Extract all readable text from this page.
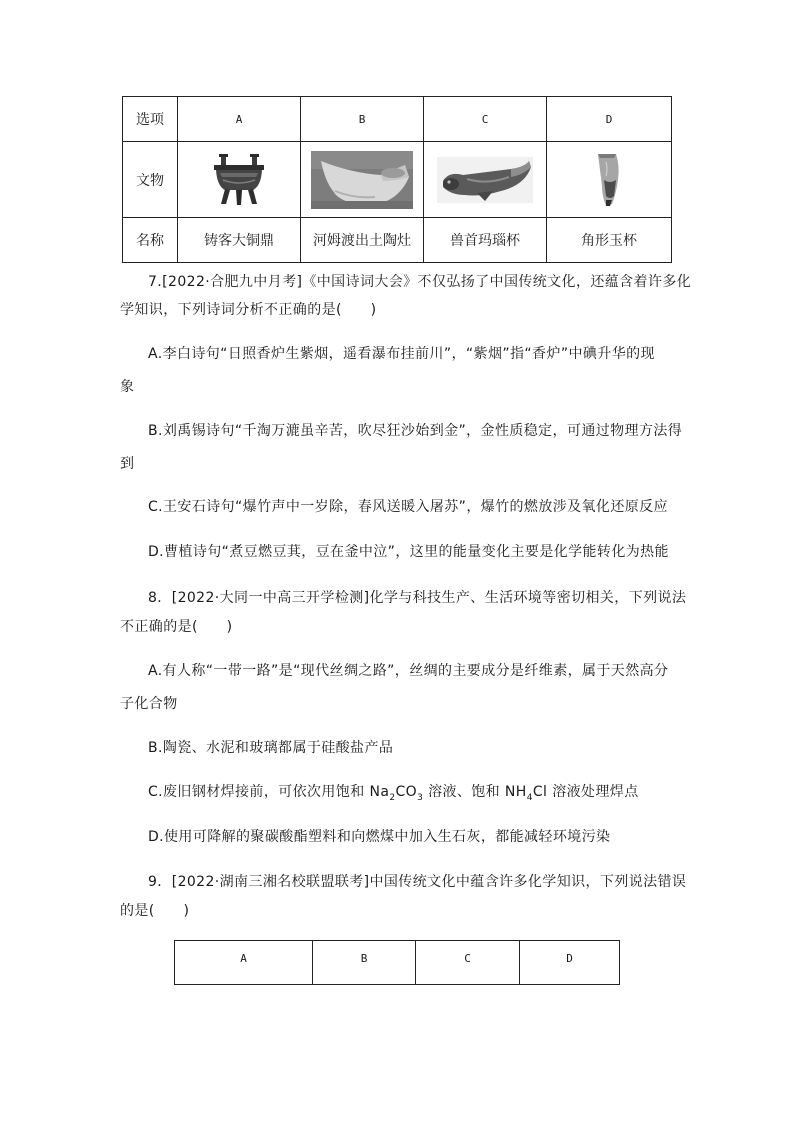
选项	A	B	C	D
文物				
名称	铸客大铜鼎	河姆渡出土陶灶	兽首玛瑙杯	角形玉杯
7.[2022·合肥九中月考]《中国诗词大会》不仅弘扬了中国传统文化，还蕴含着许多化
学知识，下列诗词分析不正确的是(　　)
A.李白诗句“日照香炉生紫烟，遥看瀑布挂前川”，“紫烟”指“香炉”中碘升华的现
象
B.刘禹锡诗句“千淘万漉虽辛苦，吹尽狂沙始到金”，金性质稳定，可通过物理方法得
到
C.王安石诗句“爆竹声中一岁除，春风送暖入屠苏”，爆竹的燃放涉及氧化还原反应
D.曹植诗句“煮豆燃豆萁，豆在釜中泣”，这里的能量变化主要是化学能转化为热能
8．[2022·大同一中高三开学检测]化学与科技生产、生活环境等密切相关，下列说法
不正确的是(　　)
A.有人称“一带一路”是“现代丝绸之路”，丝绸的主要成分是纤维素，属于天然高分
子化合物
B.陶瓷、水泥和玻璃都属于硅酸盐产品
C.废旧钢材焊接前，可依次用饱和 $Na_2CO_3$ 溶液、饱和 $NH_4Cl$ 溶液处理焊点
D.使用可降解的聚碳酸酯塑料和向燃煤中加入生石灰，都能减轻环境污染
9．[2022·湖南三湘名校联盟联考]中国传统文化中蕴含许多化学知识，下列说法错误
的是(　　)
A	B	C	D
